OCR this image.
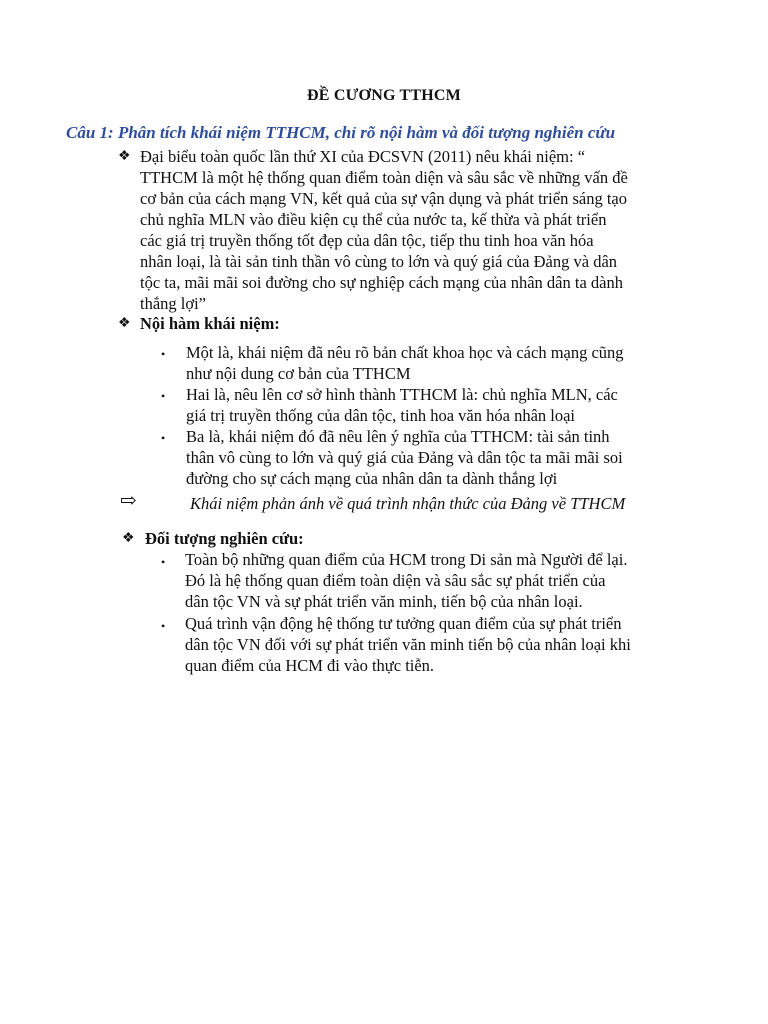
ĐỀ CƯƠNG TTHCM
Câu 1: Phân tích khái niệm TTHCM, chỉ rõ nội hàm và đối tượng nghiên cứu
❖ Đại biểu toàn quốc lần thứ XI của ĐCSVN (2011) nêu khái niệm: “
TTHCM là một hệ thống quan điểm toàn diện và sâu sắc về những vấn đề
cơ bản của cách mạng VN, kết quả của sự vận dụng và phát triển sáng tạo
chủ nghĩa MLN vào điều kiện cụ thể của nước ta, kế thừa và phát triển
các giá trị truyền thống tốt đẹp của dân tộc, tiếp thu tinh hoa văn hóa
nhân loại, là tài sản tinh thần vô cùng to lớn và quý giá của Đảng và dân
tộc ta, mãi mãi soi đường cho sự nghiệp cách mạng của nhân dân ta dành
thắng lợi”
❖ Nội hàm khái niệm:
• Một là, khái niệm đã nêu rõ bản chất khoa học và cách mạng cũng
như nội dung cơ bản của TTHCM
• Hai là, nêu lên cơ sở hình thành TTHCM là: chủ nghĩa MLN, các
giá trị truyền thống của dân tộc, tinh hoa văn hóa nhân loại
• Ba là, khái niệm đó đã nêu lên ý nghĩa của TTHCM: tài sản tinh
thân vô cùng to lớn và quý giá của Đảng và dân tộc ta mãi mãi soi
đường cho sự cách mạng của nhân dân ta dành thắng lợi
⇨	Khái niệm phản ánh về quá trình nhận thức của Đảng về TTHCM
❖ Đối tượng nghiên cứu:
• Toàn bộ những quan điểm của HCM trong Di sản mà Người để lại.
Đó là hệ thống quan điểm toàn diện và sâu sắc sự phát triển của
dân tộc VN và sự phát triển văn minh, tiến bộ của nhân loại.
• Quá trình vận động hệ thống tư tưởng quan điểm của sự phát triển
dân tộc VN đối với sự phát triển văn minh tiến bộ của nhân loại khi
quan điểm của HCM đi vào thực tiễn.
